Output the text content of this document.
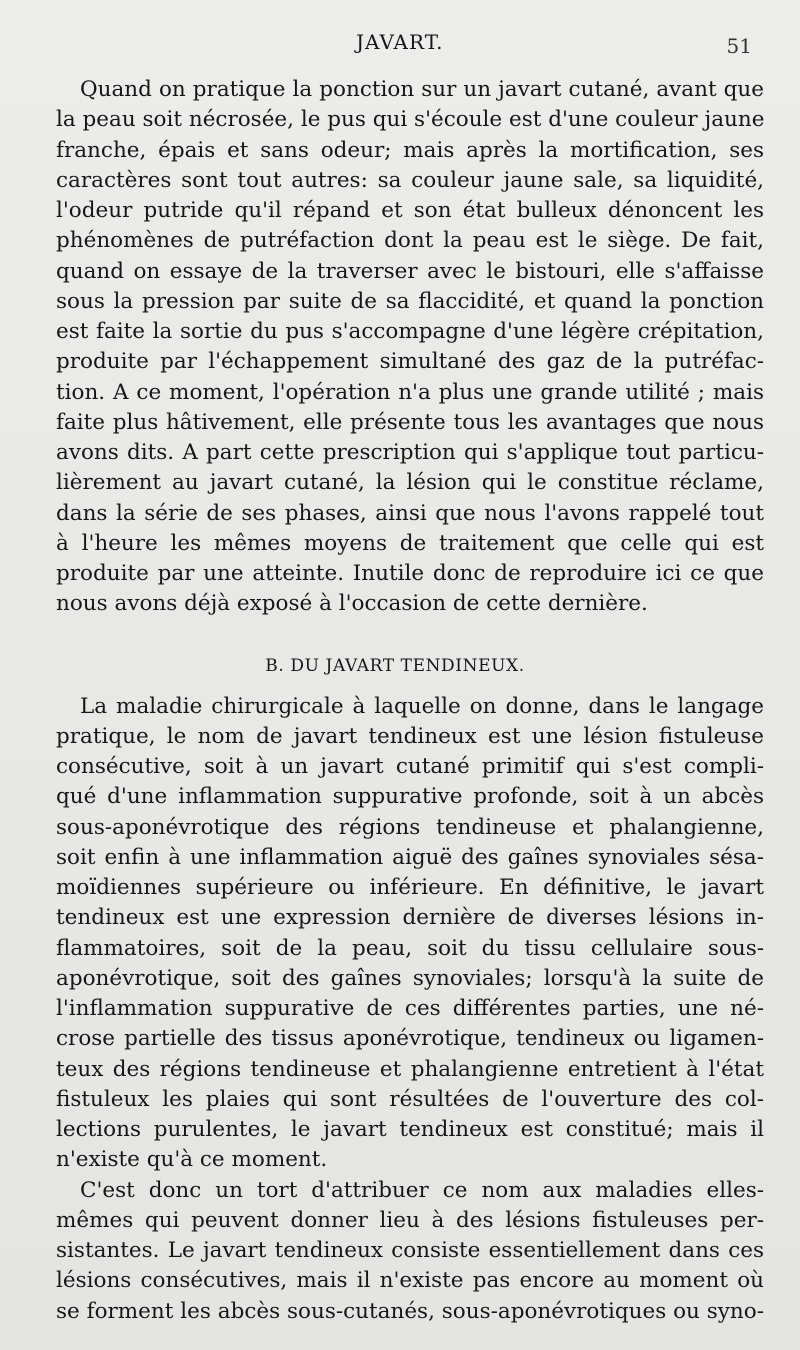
JAVART.	51
Quand on pratique la ponction sur un javart cutané, avant que
la peau soit nécrosée, le pus qui s'écoule est d'une couleur jaune
franche, épais et sans odeur; mais après la mortification, ses
caractères sont tout autres: sa couleur jaune sale, sa liquidité,
l'odeur putride qu'il répand et son état bulleux dénoncent les
phénomènes de putréfaction dont la peau est le siège. De fait,
quand on essaye de la traverser avec le bistouri, elle s'affaisse
sous la pression par suite de sa flaccidité, et quand la ponction
est faite la sortie du pus s'accompagne d'une légère crépitation,
produite par l'échappement simultané des gaz de la putréfac-
tion. A ce moment, l'opération n'a plus une grande utilité ; mais
faite plus hâtivement, elle présente tous les avantages que nous
avons dits. A part cette prescription qui s'applique tout particu-
lièrement au javart cutané, la lésion qui le constitue réclame,
dans la série de ses phases, ainsi que nous l'avons rappelé tout
à l'heure les mêmes moyens de traitement que celle qui est
produite par une atteinte. Inutile donc de reproduire ici ce que
nous avons déjà exposé à l'occasion de cette dernière.
B. DU JAVART TENDINEUX.
La maladie chirurgicale à laquelle on donne, dans le langage
pratique, le nom de javart tendineux est une lésion fistuleuse
consécutive, soit à un javart cutané primitif qui s'est compli-
qué d'une inflammation suppurative profonde, soit à un abcès
sous-aponévrotique des régions tendineuse et phalangienne,
soit enfin à une inflammation aiguë des gaînes synoviales sésa-
moïdiennes supérieure ou inférieure. En définitive, le javart
tendineux est une expression dernière de diverses lésions in-
flammatoires, soit de la peau, soit du tissu cellulaire sous-
aponévrotique, soit des gaînes synoviales; lorsqu'à la suite de
l'inflammation suppurative de ces différentes parties, une né-
crose partielle des tissus aponévrotique, tendineux ou ligamen-
teux des régions tendineuse et phalangienne entretient à l'état
fistuleux les plaies qui sont résultées de l'ouverture des col-
lections purulentes, le javart tendineux est constitué; mais il
n'existe qu'à ce moment.
C'est donc un tort d'attribuer ce nom aux maladies elles-
mêmes qui peuvent donner lieu à des lésions fistuleuses per-
sistantes. Le javart tendineux consiste essentiellement dans ces
lésions consécutives, mais il n'existe pas encore au moment où
se forment les abcès sous-cutanés, sous-aponévrotiques ou syno-
